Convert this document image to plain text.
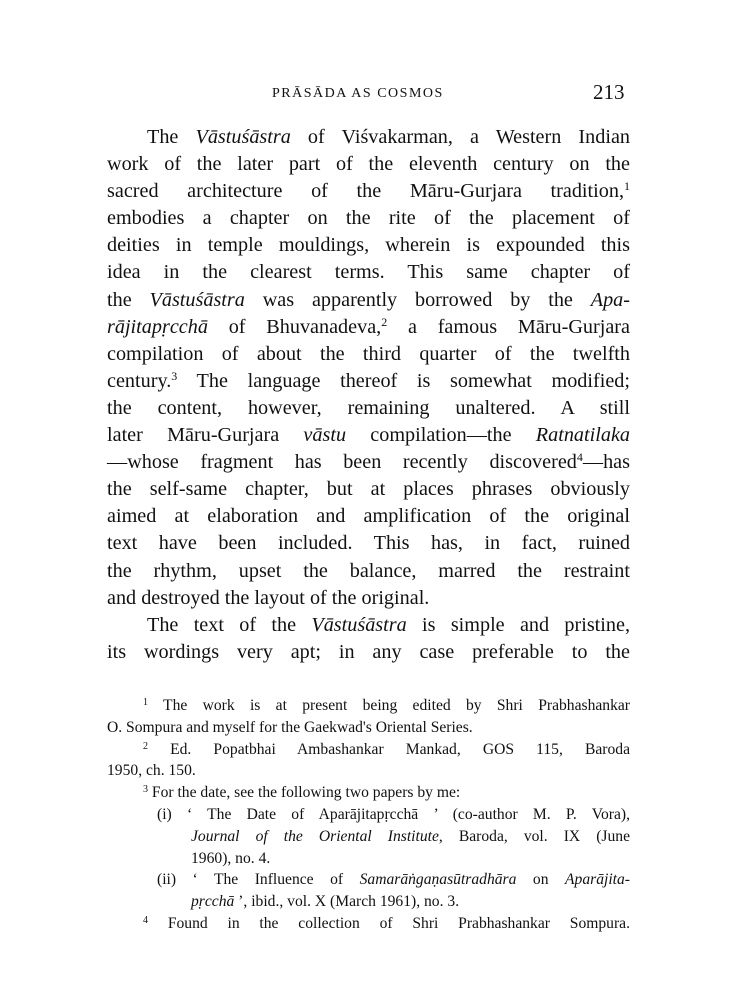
PRĀSĀDA AS COSMOS	213
The Vāstuśāstra of Viśvakarman, a Western Indian
work of the later part of the eleventh century on the
sacred architecture of the Māru-Gurjara tradition,$^1$
embodies a chapter on the rite of the placement of
deities in temple mouldings, wherein is expounded this
idea in the clearest terms. This same chapter of
the Vāstuśāstra was apparently borrowed by the Apa-
rājitapṛcchā of Bhuvanadeva,$^2$ a famous Māru-Gurjara
compilation of about the third quarter of the twelfth
century.$^3$ The language thereof is somewhat modified;
the content, however, remaining unaltered. A still
later Māru-Gurjara vāstu compilation—the Ratnatilaka
—whose fragment has been recently discovered$^4$—has
the self-same chapter, but at places phrases obviously
aimed at elaboration and amplification of the original
text have been included. This has, in fact, ruined
the rhythm, upset the balance, marred the restraint
and destroyed the layout of the original.
The text of the Vāstuśāstra is simple and pristine,
its wordings very apt; in any case preferable to the
$^1$ The work is at present being edited by Shri Prabhashankar
O. Sompura and myself for the Gaekwad's Oriental Series.
$^2$ Ed. Popatbhai Ambashankar Mankad, GOS 115, Baroda
1950, ch. 150.
$^3$ For the date, see the following two papers by me:
(i) ‘ The Date of Aparājitapṛcchā ’ (co-author M. P. Vora),
Journal of the Oriental Institute, Baroda, vol. IX (June
1960), no. 4.
(ii) ‘ The Influence of Samarāṅgaṇasūtradhāra on Aparājita-
pṛcchā ’, ibid., vol. X (March 1961), no. 3.
$^4$ Found in the collection of Shri Prabhashankar Sompura.
